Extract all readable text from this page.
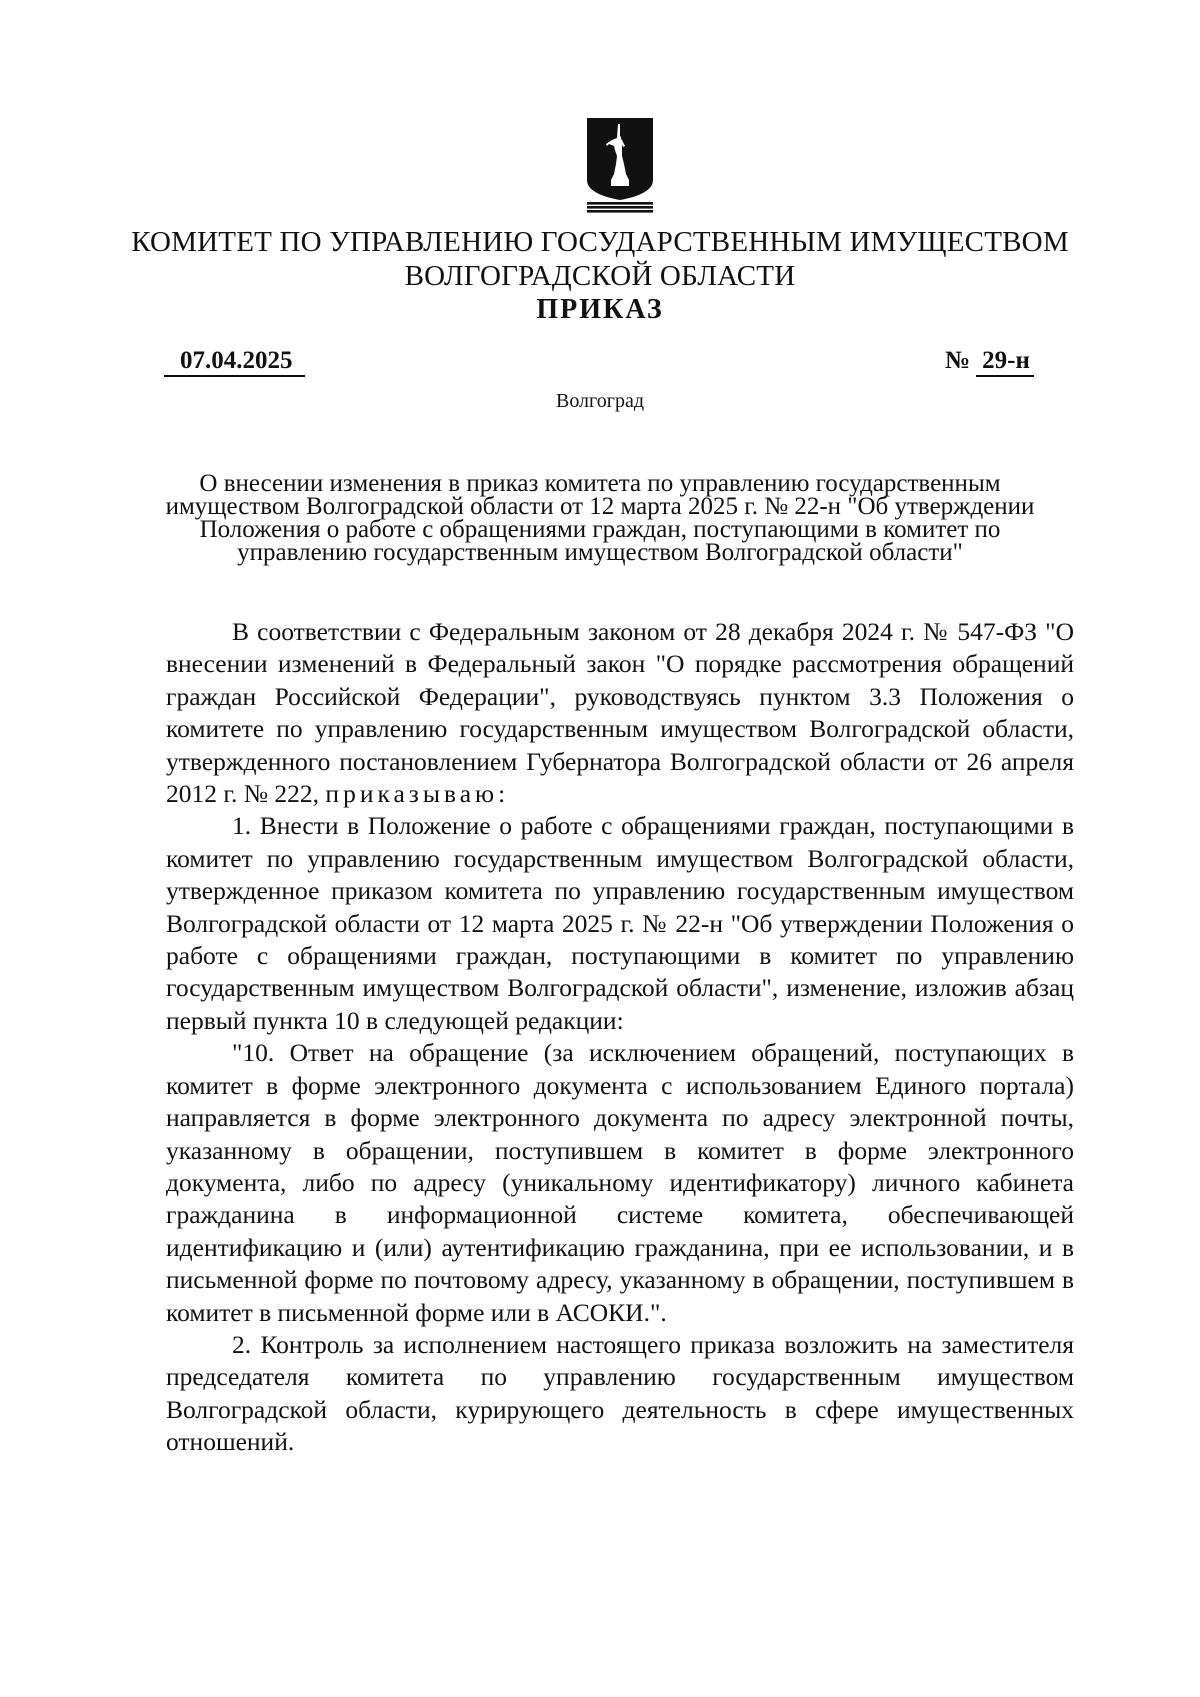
КОМИТЕТ ПО УПРАВЛЕНИЮ ГОСУДАРСТВЕННЫМ ИМУЩЕСТВОМ
ВОЛГОГРАДСКОЙ ОБЛАСТИ
ПРИКАЗ
07.04.2025	№ 29-н
Волгоград
О внесении изменения в приказ комитета по управлению государственным имуществом Волгоградской области от 12 марта 2025 г. № 22-н "Об утверждении Положения о работе с обращениями граждан, поступающими в комитет по управлению государственным имуществом Волгоградской области"

В соответствии с Федеральным законом от 28 декабря 2024 г. № 547-ФЗ "О внесении изменений в Федеральный закон "О порядке рассмотрения обращений граждан Российской Федерации", руководствуясь пунктом 3.3 Положения о комитете по управлению государственным имуществом Волгоградской области, утвержденного постановлением Губернатора Волгоградской области от 26 апреля 2012 г. № 222, приказываю:

1. Внести в Положение о работе с обращениями граждан, поступающими в комитет по управлению государственным имуществом Волгоградской области, утвержденное приказом комитета по управлению государственным имуществом Волгоградской области от 12 марта 2025 г. № 22-н "Об утверждении Положения о работе с обращениями граждан, поступающими в комитет по управлению государственным имуществом Волгоградской области", изменение, изложив абзац первый пункта 10 в следующей редакции:

"10. Ответ на обращение (за исключением обращений, поступающих в комитет в форме электронного документа с использованием Единого портала) направляется в форме электронного документа по адресу электронной почты, указанному в обращении, поступившем в комитет в форме электронного документа, либо по адресу (уникальному идентификатору) личного кабинета гражданина в информационной системе комитета, обеспечивающей идентификацию и (или) аутентификацию гражданина, при ее использовании, и в письменной форме по почтовому адресу, указанному в обращении, поступившем в комитет в письменной форме или в АСОКИ.".

2. Контроль за исполнением настоящего приказа возложить на заместителя председателя комитета по управлению государственным имуществом Волгоградской области, курирующего деятельность в сфере имущественных отношений.
